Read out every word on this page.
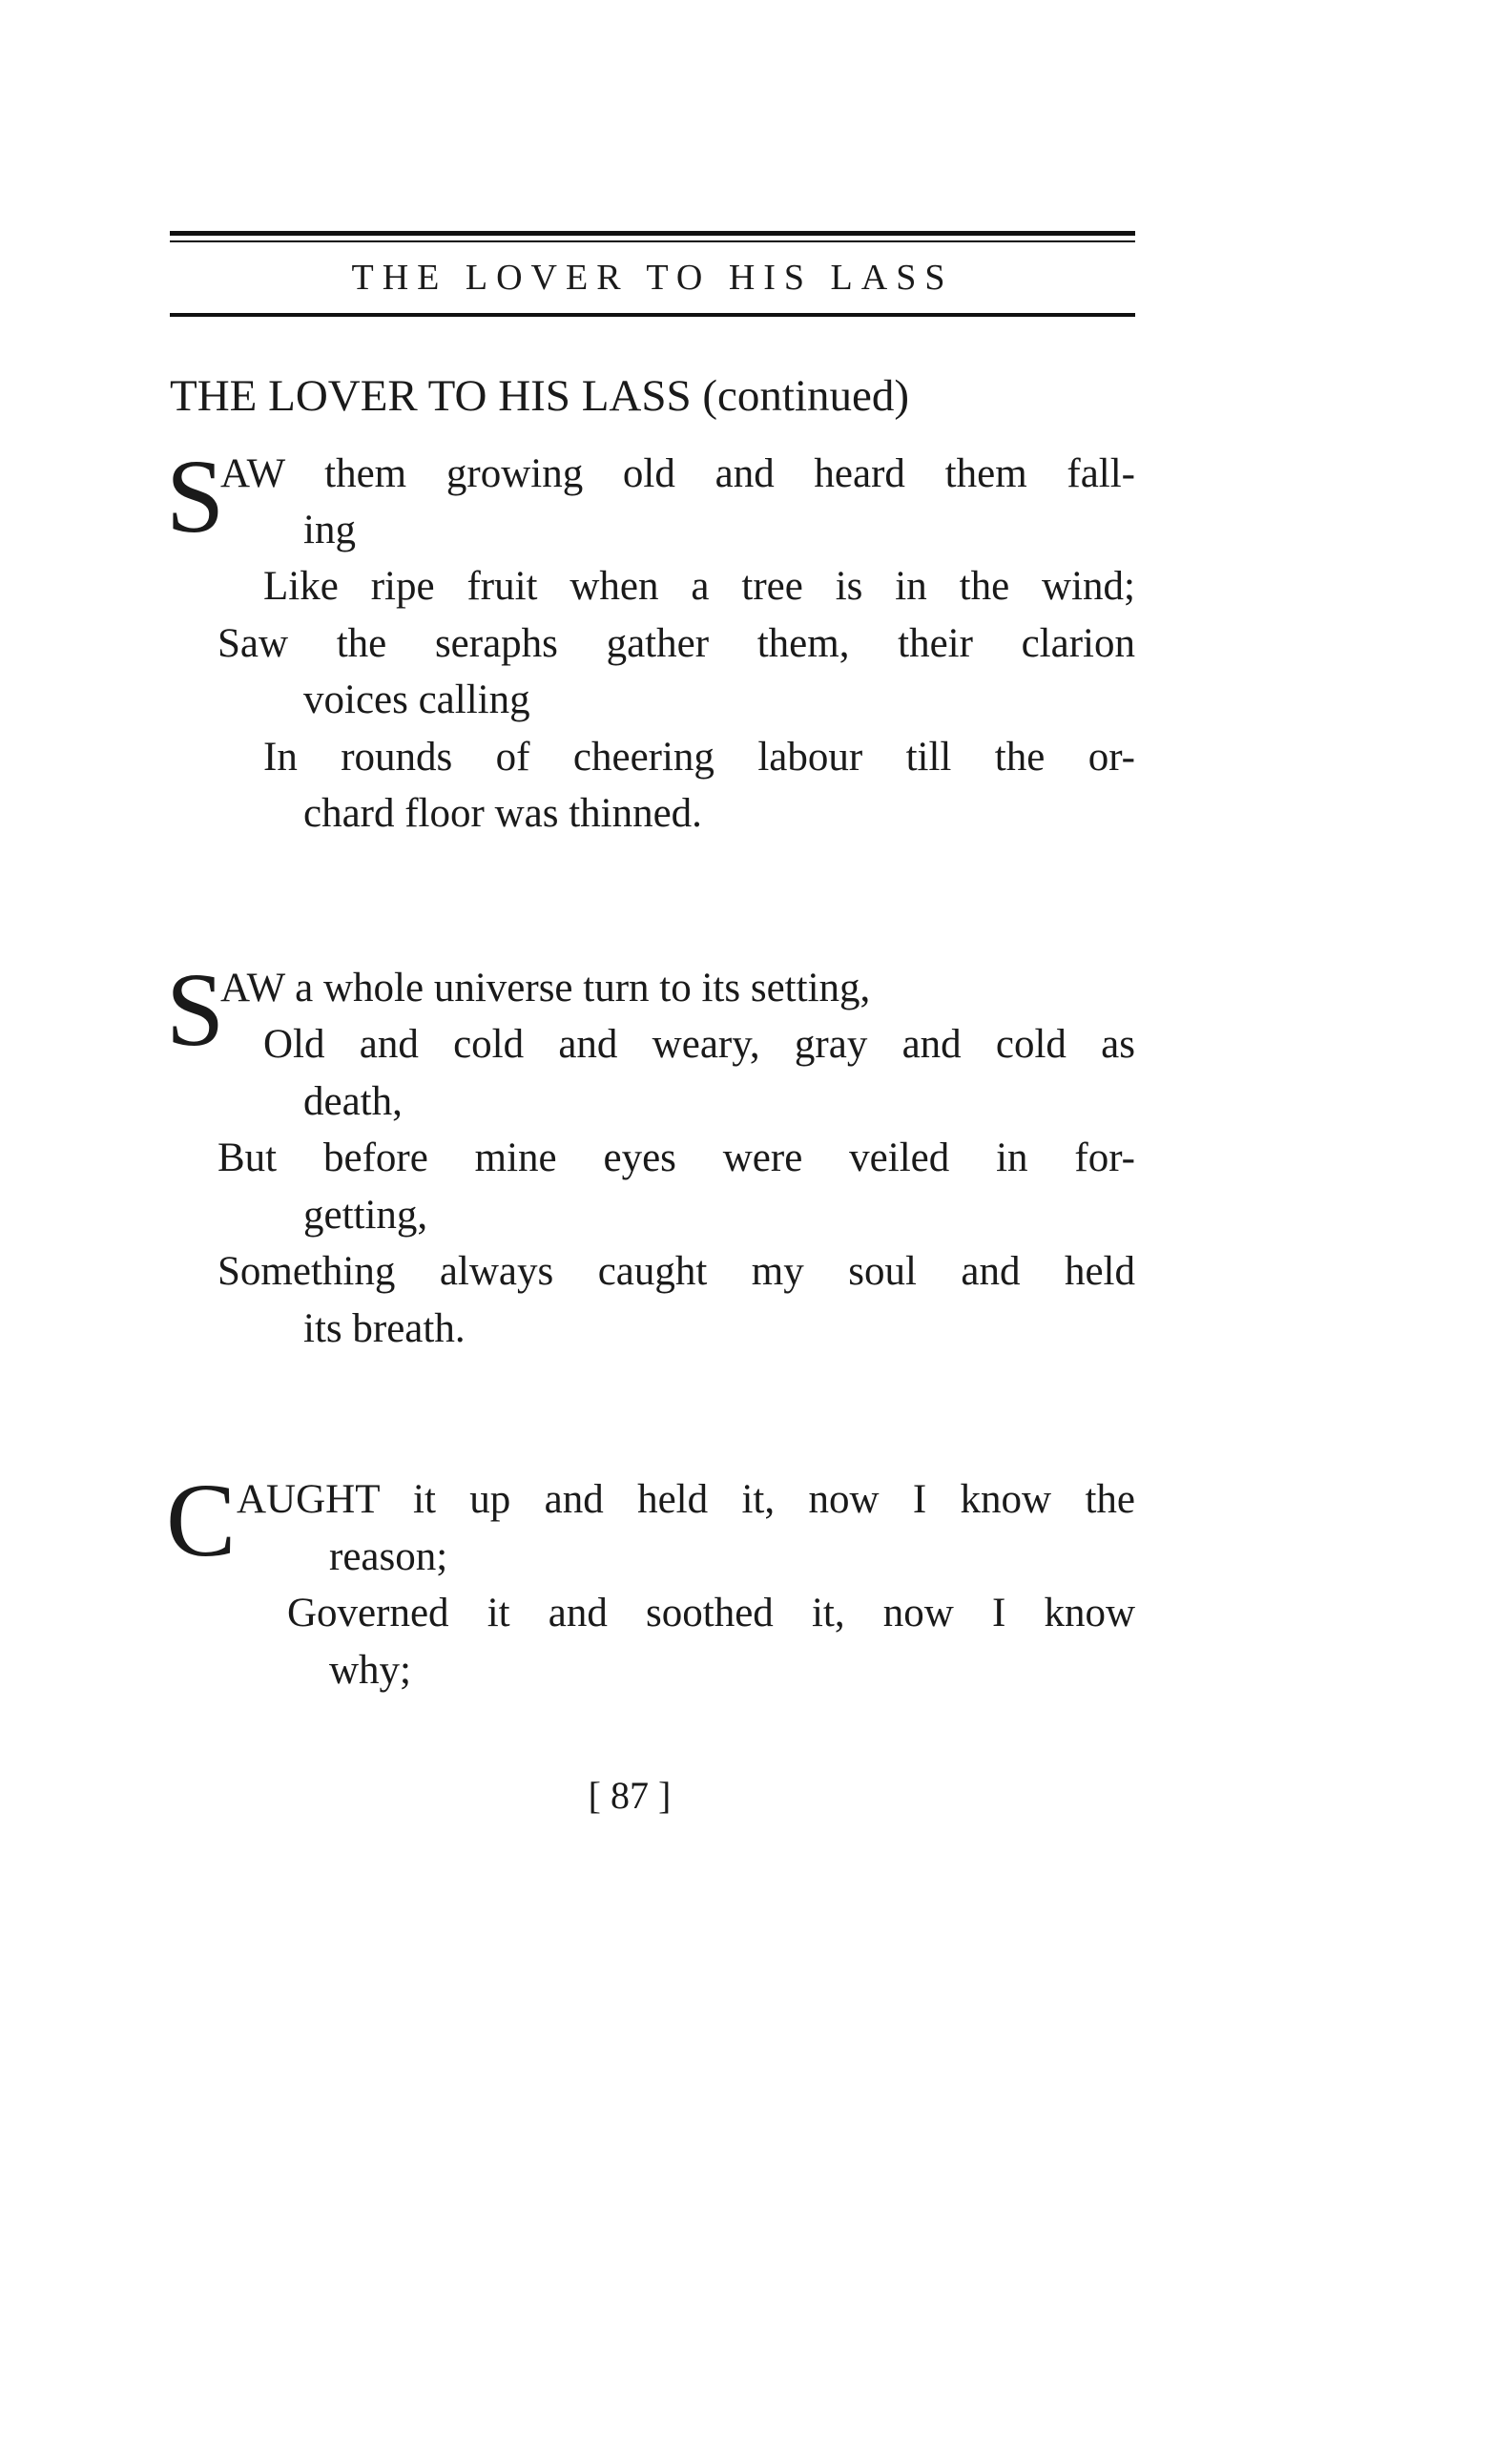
THE LOVER TO HIS LASS
THE LOVER TO HIS LASS (continued)
S
AW them growing old and heard them fall-
ing
Like ripe fruit when a tree is in the wind;
Saw the seraphs gather them, their clarion
voices calling
In rounds of cheering labour till the or-
chard floor was thinned.
S
AW a whole universe turn to its setting,
Old and cold and weary, gray and cold as
death,
But before mine eyes were veiled in for-
getting,
Something always caught my soul and held
its breath.
C AUGHT it up and held it, now I know the
reason;
Governed it and soothed it, now I know
why;
[ 87 ]
